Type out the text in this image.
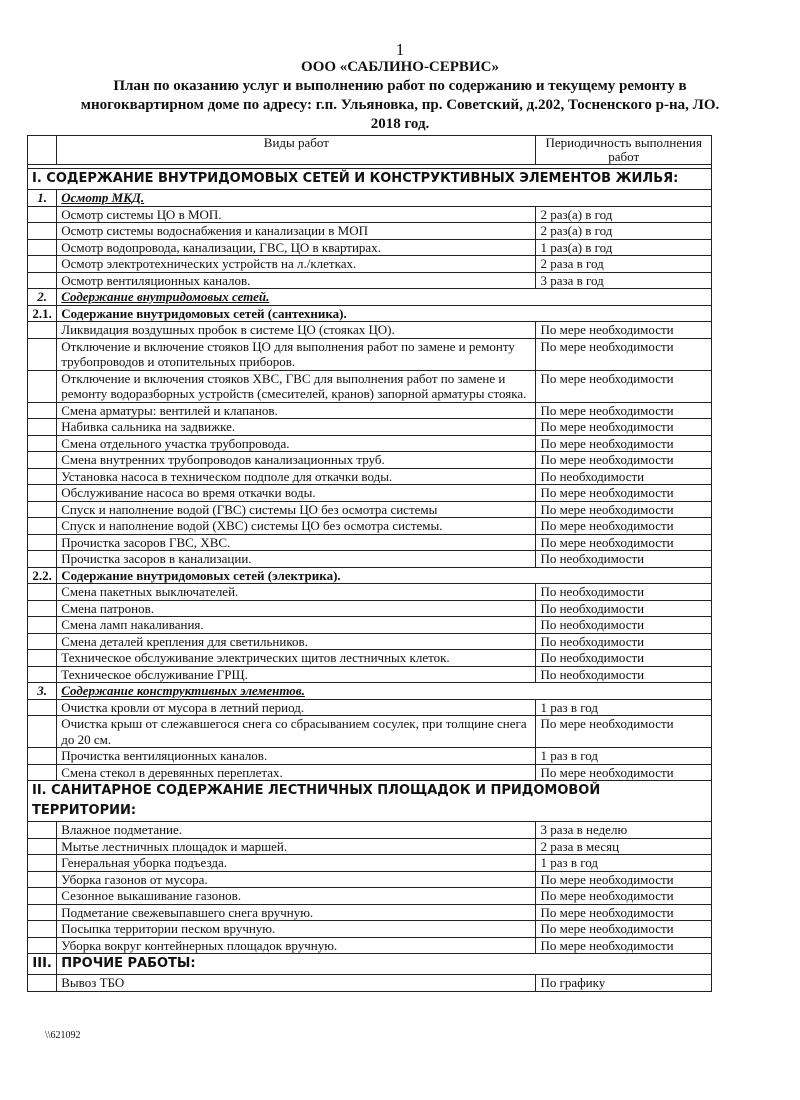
1
ООО «САБЛИНО-СЕРВИС»
План по оказанию услуг и выполнению работ по содержанию и текущему ремонту в
многоквартирном доме по адресу: г.п. Ульяновка, пр. Советский, д.202, Тосненского р-на, ЛО.
2018 год.
	Виды работ	Периодичность выполнения работ

I. СОДЕРЖАНИЕ ВНУТРИДОМОВЫХ СЕТЕЙ И КОНСТРУКТИВНЫХ ЭЛЕМЕНТОВ ЖИЛЬЯ:		
1.	Осмотр МКД.	
	Осмотр системы ЦО в МОП.	2 раз(а) в год
	Осмотр системы водоснабжения и канализации в МОП	2 раз(а) в год
	Осмотр водопровода, канализации, ГВС, ЦО в квартирах.	1 раз(а) в год
	Осмотр электротехнических устройств на л./клетках.	2 раза в год
	Осмотр вентиляционных каналов.	3 раза в год
2.	Содержание внутридомовых сетей.	
2.1.	Содержание внутридомовых сетей (сантехника).	
	Ликвидация воздушных пробок в системе ЦО (стояках ЦО).	По мере необходимости
	Отключение и включение стояков ЦО для выполнения работ по замене и ремонту трубопроводов и отопительных приборов.	По мере необходимости
	Отключение и включения стояков ХВС, ГВС для выполнения работ по замене и ремонту водоразборных устройств (смесителей, кранов) запорной арматуры стояка.	По мере необходимости
	Смена арматуры: вентилей и клапанов.	По мере необходимости
	Набивка сальника на задвижке.	По мере необходимости
	Смена отдельного участка трубопровода.	По мере необходимости
	Смена внутренних трубопроводов канализационных труб.	По мере необходимости
	Установка насоса в техническом подполе для откачки воды.	По необходимости
	Обслуживание насоса во время откачки воды.	По мере необходимости
	Спуск и наполнение водой (ГВС) системы ЦО без осмотра системы	По мере необходимости
	Спуск и наполнение водой (ХВС) системы ЦО без осмотра системы.	По мере необходимости
	Прочистка засоров ГВС, ХВС.	По мере необходимости
	Прочистка засоров в канализации.	По необходимости
2.2.	Содержание внутридомовых сетей (электрика).	
	Смена пакетных выключателей.	По необходимости
	Смена патронов.	По необходимости
	Смена ламп накаливания.	По необходимости
	Смена деталей крепления для светильников.	По необходимости
	Техническое обслуживание электрических щитов лестничных клеток.	По необходимости
	Техническое обслуживание ГРЩ.	По необходимости
3.	Содержание конструктивных элементов.	
	Очистка кровли от мусора в летний период.	1 раз в год
	Очистка крыш от слежавшегося снега со сбрасыванием сосулек, при толщине снега до 20 см.	По мере необходимости
	Прочистка вентиляционных каналов.	1 раз в год
	Смена стекол в деревянных переплетах.	По мере необходимости
II. САНИТАРНОЕ СОДЕРЖАНИЕ ЛЕСТНИЧНЫХ ПЛОЩАДОК И ПРИДОМОВОЙ ТЕРРИТОРИИ:		
	Влажное подметание.	3 раза в неделю
	Мытье лестничных площадок и маршей.	2 раза в месяц
	Генеральная уборка подъезда.	1 раз в год
	Уборка газонов от мусора.	По мере необходимости
	Сезонное выкашивание газонов.	По мере необходимости
	Подметание свежевыпавшего снега вручную.	По мере необходимости
	Посыпка территории песком вручную.	По мере необходимости
	Уборка вокруг контейнерных площадок вручную.	По мере необходимости
III.	ПРОЧИЕ РАБОТЫ:	
	Вывоз ТБО	По графику
\\621092
